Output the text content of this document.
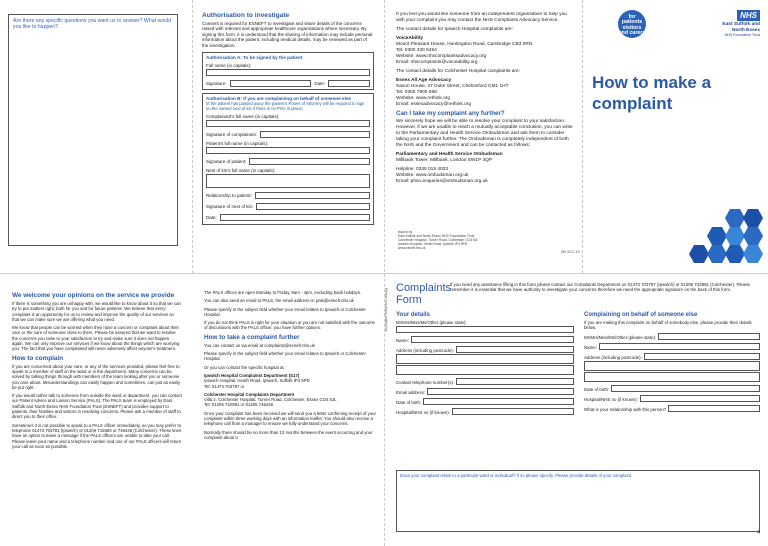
Are there any specific questions you want us to answer? What would you like to happen?
Authorisation to investigate
Consent is required for ESNEFT to investigate and share details of the concerns raised with relevant and appropriate healthcare organisations where necessary. By signing this form, it is understood that the sharing of information may include personal information about the patient, including medical details, may be reviewed as part of the investigation.
Authorisation A: To be signed by the patient
Full name (in capitals):
Signature:	Date:
Authorisation B: If you are complaining on behalf of someone else
(if the patient has passed away the patient's Power of Attorney will be required to sign on the named next of kin if there is no POA in place)
Complainant's full name (in capitals):
Signature of complainant:
Patient's full name (in capitals):
Signature of patient:
Next of kin's full name (in capitals):
Relationship to patient:
Signature of next of kin:
Date:

If you feel you would like someone from an independent organisation to help you with your complaint you may contact the NHS Complaints Advocacy Service.

The contact details for Ipswich Hospital complaints are:

VoiceAbility
Mount Pleasant House, Huntingdon Road, Cambridge CB3 0RN
Tel: 0300 330 5454
Website: www.nhscomplaintsadvocacy.org
Email: nhscomplaints@voiceability.org

The contact details for Colchester Hospital complaints are:

Essex All Age Advocacy
Saxon House, 27 Duke Street, Chelmsford CM1 1HT
Tel: 0300 7900 558
Website: www.rethink.org
Email: essexadvocacy@rethink.org
Can I take my complaint any further?

We sincerely hope we will be able to resolve your complaint to your satisfaction. However, if we are unable to reach a mutually acceptable conclusion, you can write to the Parliamentary and Health Service Ombudsman and ask them to consider taking your complaint further. The Ombudsman is completely independent of both the NHS and the Government and can be contacted as follows:

Parliamentary and Health Service Ombudsman
Millbank Tower, Millbank, London SW1P 4QP
Helpline: 0345 015 4033
Website: www.ombudsman.org.uk
Email: phso.enquiries@ombudsman.org.uk
Issued by
East Suffolk and North Essex NHS Foundation Trust
Colchester Hospital, Turner Road, Colchester CO4 5JL
Ipswich Hospital, Heath Road, Ipswich IP4 5PD
www.esneft.nhs.uk
DB: 0017-19
for patients visitors and carers
NHS
East Suffolk and
North Essex
NHS Foundation Trust
How to make a
complaint
We welcome your opinions on the service we provide

If there is something you are unhappy with, we would like to know about it so that we can try to put matters right, both for you and for future patients. We believe that every complaint is an opportunity for us to review and improve the quality of our services so that we can make sure we are offering what you need.

We know that people can be worried when they raise a concern or complaint about their care or the care of someone close to them. Please be assured that we want to resolve the concerns you raise to your satisfaction to try and make sure it does not happen again. We can only improve our services if we know about the things which are worrying you. The fact that you have complained will never adversely affect anyone's treatment.

How to complain

If you are concerned about your care, or any of the services provided, please feel free to speak to a member of staff on the ward or in the department. Many concerns can be solved by talking things through with members of the team looking after you or someone you care about. Misunderstandings can easily happen and sometimes, can just as easily be put right.

If you would rather talk to someone from outside the ward or department, you can contact our Patient Advice and Liaison Service (PALS). The PALS team is employed by East Suffolk and North Essex NHS Foundation Trust (ESNEFT) and provides support to patients, their families and visitors in resolving concerns. Please ask a member of staff to direct you to their office.

Sometimes it is not possible to speak to a PALS officer immediately, so you may prefer to telephone 01473 704781 (Ipswich) or 01206 742683 or 746448 (Colchester). These lines have an option to leave a message if the PALS officers are unable to take your call. Please leave your name and a telephone number and one of our PALS officers will return your call as soon as possible.

The PALS offices are open Monday to Friday, 9am - 4pm, excluding bank holidays.

You can also send an email to PALS, the email address is: pals@esneft.nhs.uk

Please specify in the subject field whether your email relates to Ipswich or Colchester Hospital.

If you do not think PALS is right for your situation or you are not satisfied with the outcome of discussions with the PALS officer, you have further options.

How to take a complaint further

You can contact us via email at complaints@esneft.nhs.uk

Please specify in the subject field whether your email relates to Ipswich or Colchester Hospital.

Or you can contact the specific hospital at:

Ipswich Hospital Complaints Department (S17)
Ipswich Hospital, Heath Road, Ipswich, Suffolk IP4 5PD
Tel: 01473 703797 or
Colchester Hospital Complaints Department
Villa 2, Colchester Hospital, Turner Road, Colchester, Essex CO4 5JL
Tel: 01206 742881 or 01206 746448

Once your complaint has been received we will send you a letter confirming receipt of your complaint within three working days with an information leaflet. You should also receive a telephone call from a manager to ensure we fully understand your concerns.

Normally there should be no more than 12 months between the event occurring and your complaint about it.

Please cut along dotted line Complaints
Form
If you need any assistance filling in this form please contact our Complaints Department on 01473 703797 (Ipswich) or 01206 742881 (Colchester). Please remember it is essential that we have authority to investigate your concerns therefore we need the appropriate signature on the back of this form.
Your details
Mr/Mrs/Miss/Ms/Other (please state):
Name:
Address (including postcode):
Contact telephone number(s):
Email address:
Date of birth:
Hospital/NHS no (if known):
Complaining on behalf of someone else
If you are making this complaint on behalf of somebody else, please provide their details below.
Mr/Mrs/Miss/Ms/Other (please state):
Name:
Address (including postcode):
Date of birth:
Hospital/NHS no (if known):
What is your relationship with this person?
Does your complaint relate to a particular ward or individual? If so please specify. Please provide details of your complaint.
4
